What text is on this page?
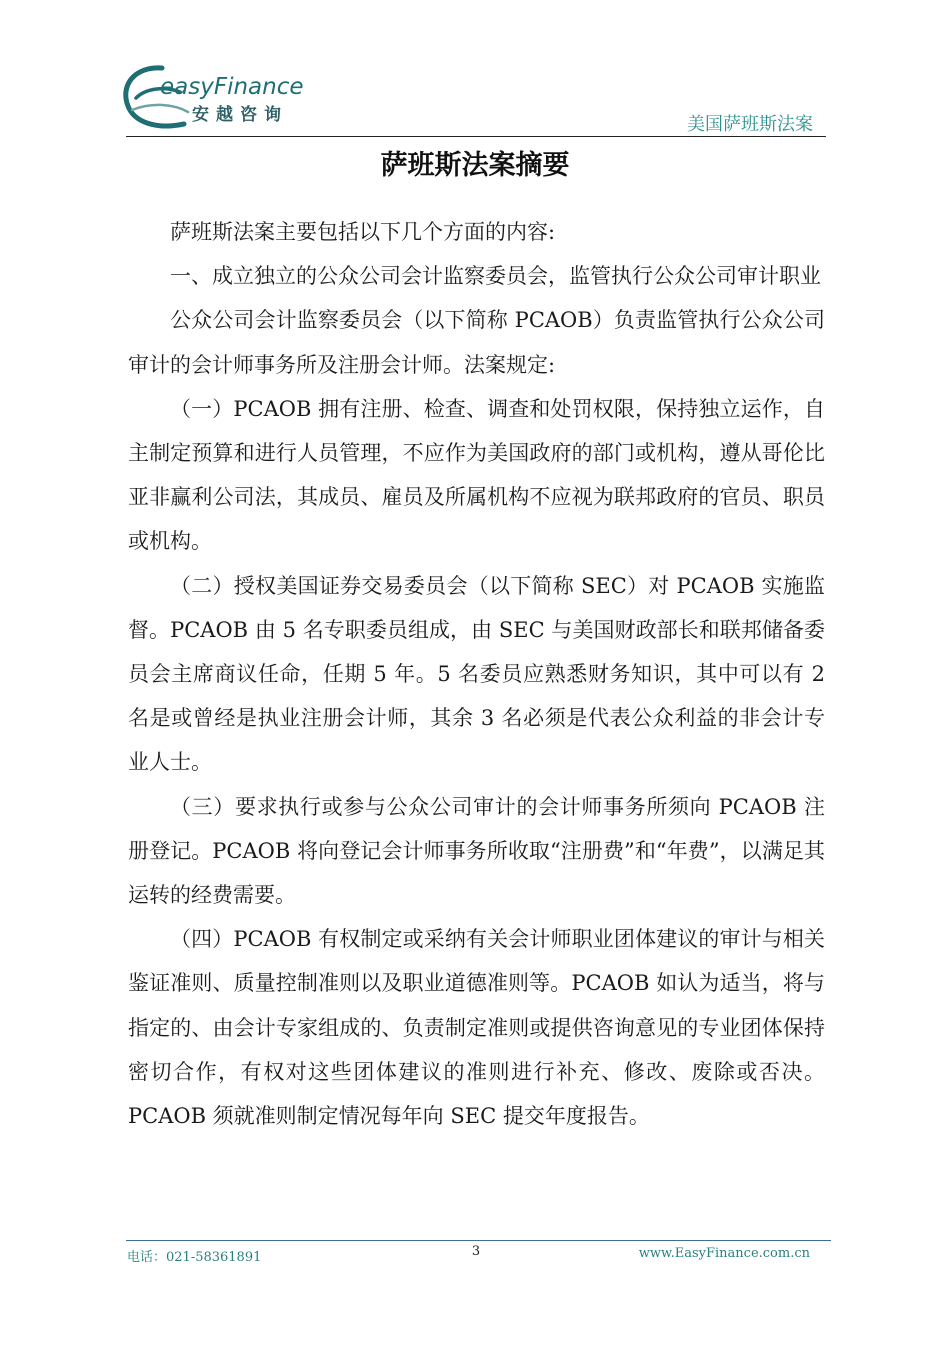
easyFinance
安越咨询	美国萨班斯法案
萨班斯法案摘要

萨班斯法案主要包括以下几个方面的内容:

一、成立独立的公众公司会计监察委员会，监管执行公众公司审计职业

公众公司会计监察委员会（以下简称 PCAOB）负责监管执行公众公司审计的会计师事务所及注册会计师。法案规定:

（一）PCAOB 拥有注册、检查、调查和处罚权限，保持独立运作，自主制定预算和进行人员管理，不应作为美国政府的部门或机构，遵从哥伦比亚非赢利公司法，其成员、雇员及所属机构不应视为联邦政府的官员、职员或机构。

（二）授权美国证券交易委员会（以下简称 SEC）对 PCAOB 实施监督。PCAOB 由 5 名专职委员组成，由 SEC 与美国财政部长和联邦储备委员会主席商议任命，任期 5 年。5 名委员应熟悉财务知识，其中可以有 2 名是或曾经是执业注册会计师，其余 3 名必须是代表公众利益的非会计专业人士。

（三）要求执行或参与公众公司审计的会计师事务所须向 PCAOB 注册登记。PCAOB 将向登记会计师事务所收取“注册费”和“年费”，以满足其运转的经费需要。

（四）PCAOB 有权制定或采纳有关会计师职业团体建议的审计与相关鉴证准则、质量控制准则以及职业道德准则等。PCAOB 如认为适当，将与指定的、由会计专家组成的、负责制定准则或提供咨询意见的专业团体保持密切合作，有权对这些团体建议的准则进行补充、修改、废除或否决。PCAOB 须就准则制定情况每年向 SEC 提交年度报告。

电话：021-58361891	3	www.EasyFinance.com.cn
